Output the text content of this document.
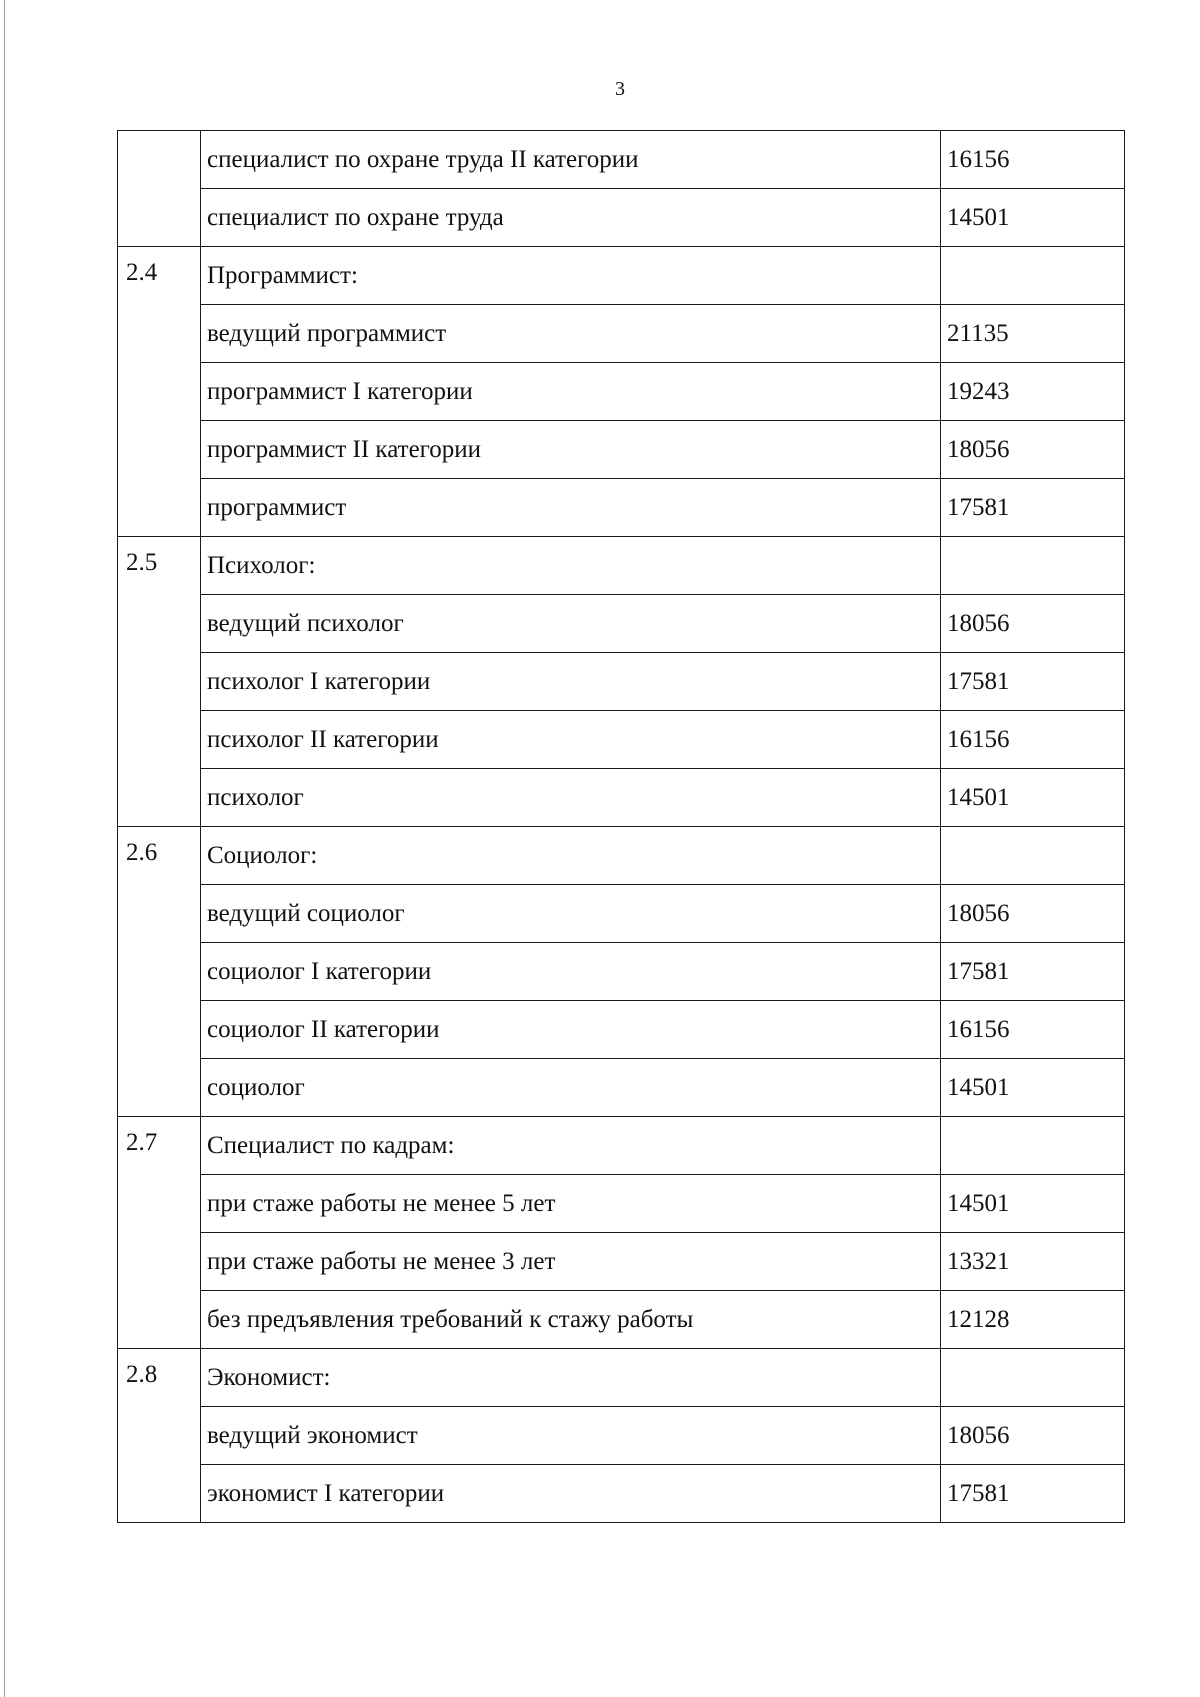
3
	специалист по охране труда II категории	16156
	специалист по охране труда	14501
2.4	Программист:	
	ведущий программист	21135
	программист I категории	19243
	программист II категории	18056
	программист	17581
2.5	Психолог:	
	ведущий психолог	18056
	психолог I категории	17581
	психолог II категории	16156
	психолог	14501
2.6	Социолог:	
	ведущий социолог	18056
	социолог I категории	17581
	социолог II категории	16156
	социолог	14501
2.7	Специалист по кадрам:	
	при стаже работы не менее 5 лет	14501
	при стаже работы не менее 3 лет	13321
	без предъявления требований к стажу работы	12128
2.8	Экономист:	
	ведущий экономист	18056
	экономист I категории	17581
